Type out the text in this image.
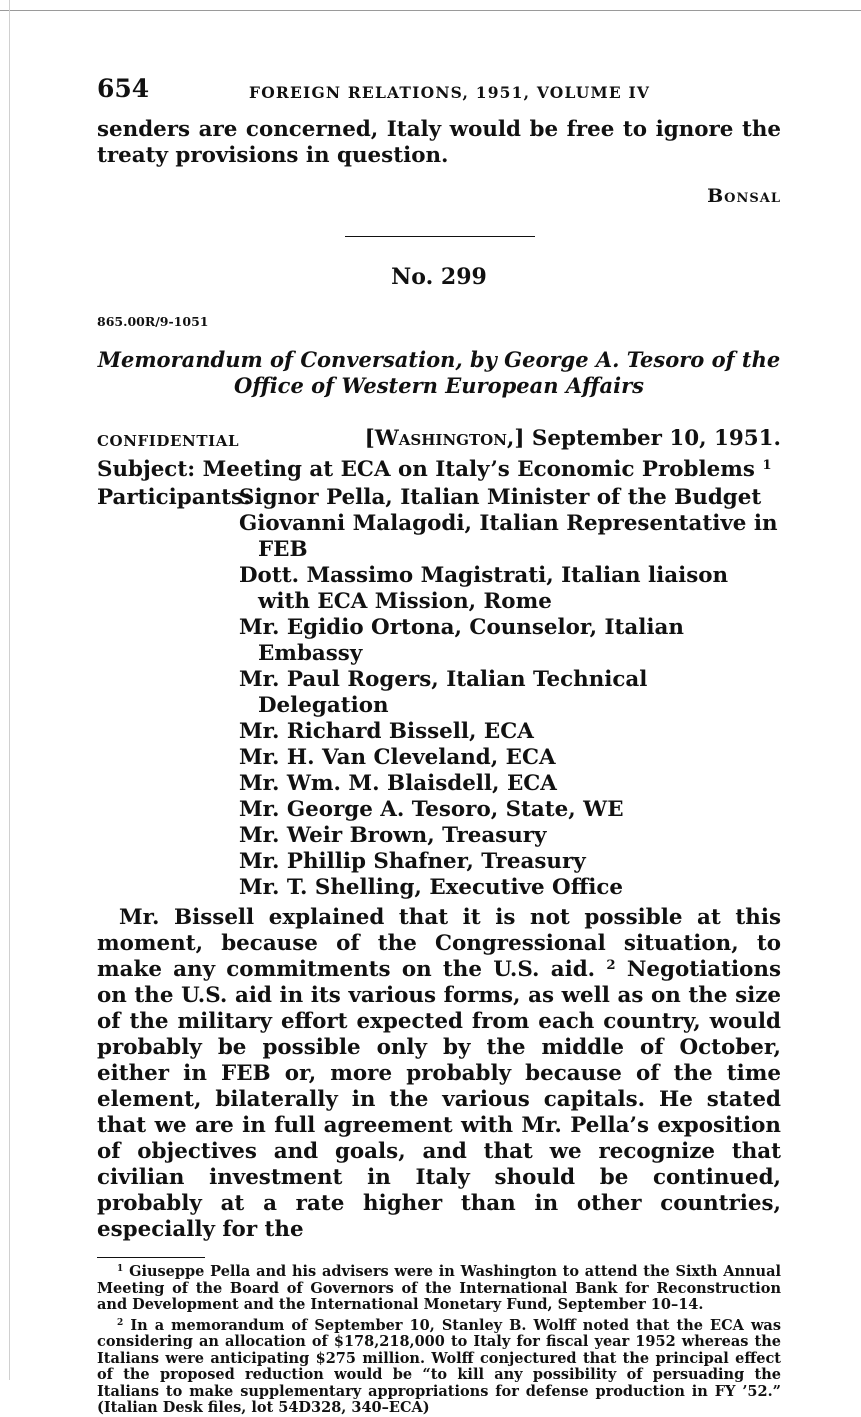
654	FOREIGN RELATIONS, 1951, VOLUME IV
senders are concerned, Italy would be free to ignore the treaty provisions in question.
Bonsal
No. 299
865.00R/9-1051
Memorandum of Conversation, by George A. Tesoro of the Office of Western European Affairs
CONFIDENTIAL	[Washington,] September 10, 1951.
Subject: Meeting at ECA on Italy’s Economic Problems $^1$
Participants:
Signor Pella, Italian Minister of the Budget
Giovanni Malagodi, Italian Representative in FEB
Dott. Massimo Magistrati, Italian liaison with ECA Mission, Rome
Mr. Egidio Ortona, Counselor, Italian Embassy
Mr. Paul Rogers, Italian Technical Delegation
Mr. Richard Bissell, ECA
Mr. H. Van Cleveland, ECA
Mr. Wm. M. Blaisdell, ECA
Mr. George A. Tesoro, State, WE
Mr. Weir Brown, Treasury
Mr. Phillip Shafner, Treasury
Mr. T. Shelling, Executive Office
Mr. Bissell explained that it is not possible at this moment, because of the Congressional situation, to make any commitments on the U.S. aid. $^2$ Negotiations on the U.S. aid in its various forms, as well as on the size of the military effort expected from each country, would probably be possible only by the middle of October, either in FEB or, more probably because of the time element, bilaterally in the various capitals. He stated that we are in full agreement with Mr. Pella’s exposition of objectives and goals, and that we recognize that civilian investment in Italy should be continued, probably at a rate higher than in other countries, especially for the
$^1$ Giuseppe Pella and his advisers were in Washington to attend the Sixth Annual Meeting of the Board of Governors of the International Bank for Reconstruction and Development and the International Monetary Fund, September 10–14.
$^2$ In a memorandum of September 10, Stanley B. Wolff noted that the ECA was considering an allocation of $178,218,000 to Italy for fiscal year 1952 whereas the Italians were anticipating $275 million. Wolff conjectured that the principal effect of the proposed reduction would be “to kill any possibility of persuading the Italians to make supplementary appropriations for defense production in FY ’52.” (Italian Desk files, lot 54D328, 340–ECA)
